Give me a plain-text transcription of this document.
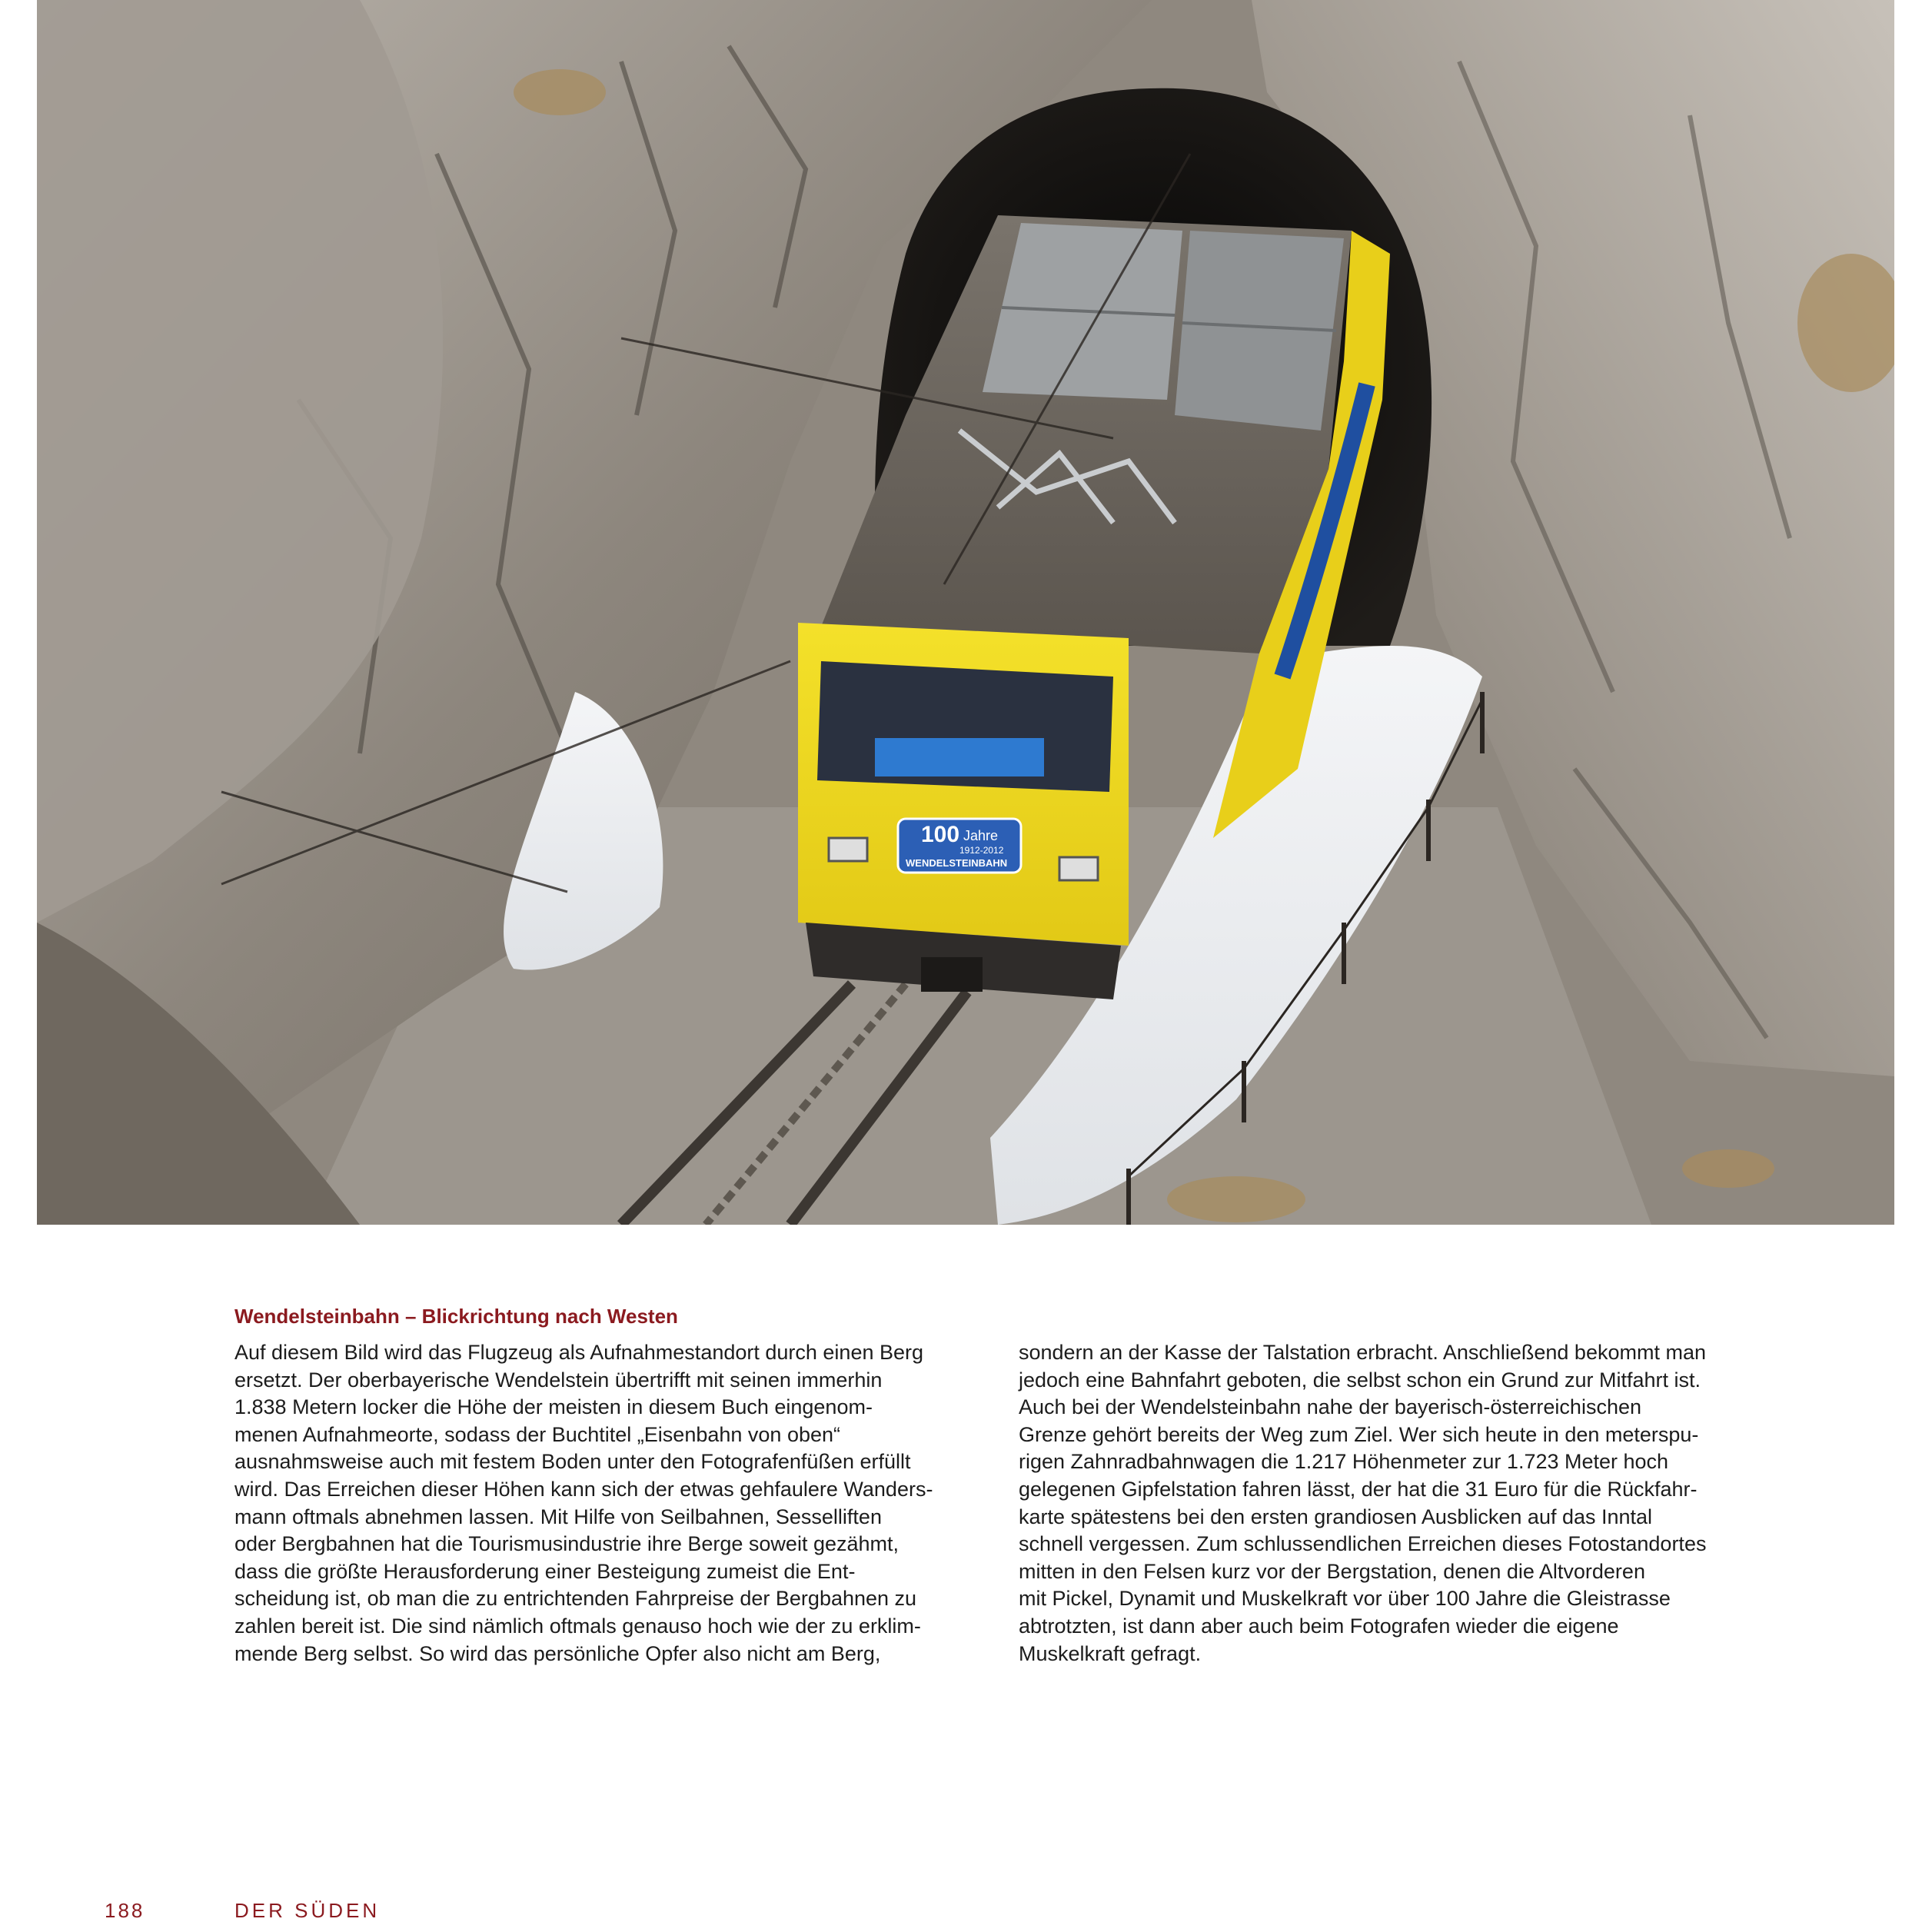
100 Jahre
1912-2012
WENDELSTEINBAHN
Wendelsteinbahn – Blickrichtung nach Westen
Auf diesem Bild wird das Flugzeug als Aufnahmestandort durch einen Berg
ersetzt. Der oberbayerische Wendelstein übertrifft mit seinen immerhin
1.838 Metern locker die Höhe der meisten in diesem Buch eingenom-
menen Aufnahmeorte, sodass der Buchtitel „Eisenbahn von oben“
ausnahmsweise auch mit festem Boden unter den Fotografenfüßen erfüllt
wird. Das Erreichen dieser Höhen kann sich der etwas gehfaulere Wanders-
mann oftmals abnehmen lassen. Mit Hilfe von Seilbahnen, Sesselliften
oder Bergbahnen hat die Tourismusindustrie ihre Berge soweit gezähmt,
dass die größte Herausforderung einer Besteigung zumeist die Ent-
scheidung ist, ob man die zu entrichtenden Fahrpreise der Bergbahnen zu
zahlen bereit ist. Die sind nämlich oftmals genauso hoch wie der zu erklim-
mende Berg selbst. So wird das persönliche Opfer also nicht am Berg,
sondern an der Kasse der Talstation erbracht. Anschließend bekommt man
jedoch eine Bahnfahrt geboten, die selbst schon ein Grund zur Mitfahrt ist.
Auch bei der Wendelsteinbahn nahe der bayerisch-österreichischen
Grenze gehört bereits der Weg zum Ziel. Wer sich heute in den meterspu-
rigen Zahnradbahnwagen die 1.217 Höhenmeter zur 1.723 Meter hoch
gelegenen Gipfelstation fahren lässt, der hat die 31 Euro für die Rückfahr-
karte spätestens bei den ersten grandiosen Ausblicken auf das Inntal
schnell vergessen. Zum schlussendlichen Erreichen dieses Fotostandortes
mitten in den Felsen kurz vor der Bergstation, denen die Altvorderen
mit Pickel, Dynamit und Muskelkraft vor über 100 Jahre die Gleistrasse
abtrotzten, ist dann aber auch beim Fotografen wieder die eigene
Muskelkraft gefragt.
188	DER SÜDEN
